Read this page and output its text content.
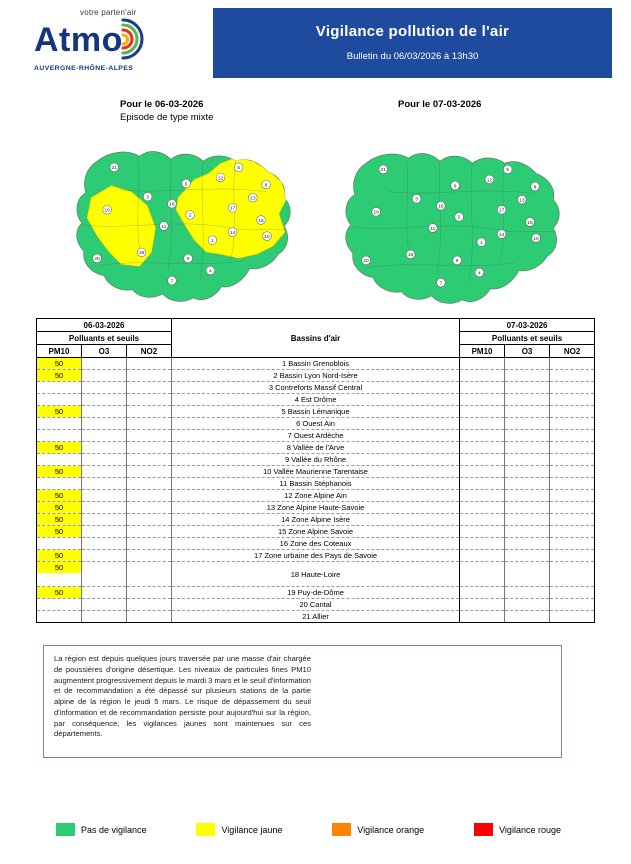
votre parten'air
Atmo
AUVERGNE-RHÔNE-ALPES
Vigilance pollution de l'air
Bulletin du 06/03/2026 à 13h30
Pour le 06-03-2026
Episode de type mixte
Pour le 07-03-2026
21
19
20
3
18
11
7
9
2
16
6
12
5
8
13
17
14
15
10
1
4
21
19
20
3
18
11
7
9
2
16
6
12
5
8
13
17
14
15
10
1
4
06-03-2026			Bassins d'air	07-03-2026		
Polluants et seuils				Polluants et seuils		
PM10	O3	NO2		PM10	O3	NO2

50			1 Bassin Grenoblois			

50			2 Bassin Lyon Nord-Isère			
			3 Contreforts Massif Central			
			4 Est Drôme			

50			5 Bassin Lémanique			
			6 Ouest Ain			
			7 Ouest Ardèche			

50			8 Vallée de l'Arve			
			9 Vallée du Rhône			

50			10 Vallée Maurienne Tarentaise			
			11 Bassin Stéphanois			

50			12 Zone Alpine Ain			

50			13 Zone Alpine Haute-Savoie			

50			14 Zone Alpine Isère			

50			15 Zone Alpine Savoie			
			16 Zone des Coteaux			

50			17 Zone urbaine des Pays de Savoie			

50			18 Haute-Loire			

50			19 Puy-de-Dôme			
			20 Cantal			
			21 Allier			
La région est depuis quelques jours traversée par une masse d'air chargée de poussières d'origine désertique. Les niveaux de particules fines PM10 augmentent progressivement depuis le mardi 3 mars et le seuil d'information et de recommandation a été dépassé sur plusieurs stations de la partie alpine de la région le jeudi 5 mars. Le risque de dépassement du seuil d'information et de recommandation persiste pour aujourd'hui sur la région, par conséquence, les vigilances jaunes sont maintenues sur ces départements.
Pas de vigilance	Vigilance jaune	Vigilance orange	Vigilance rouge
